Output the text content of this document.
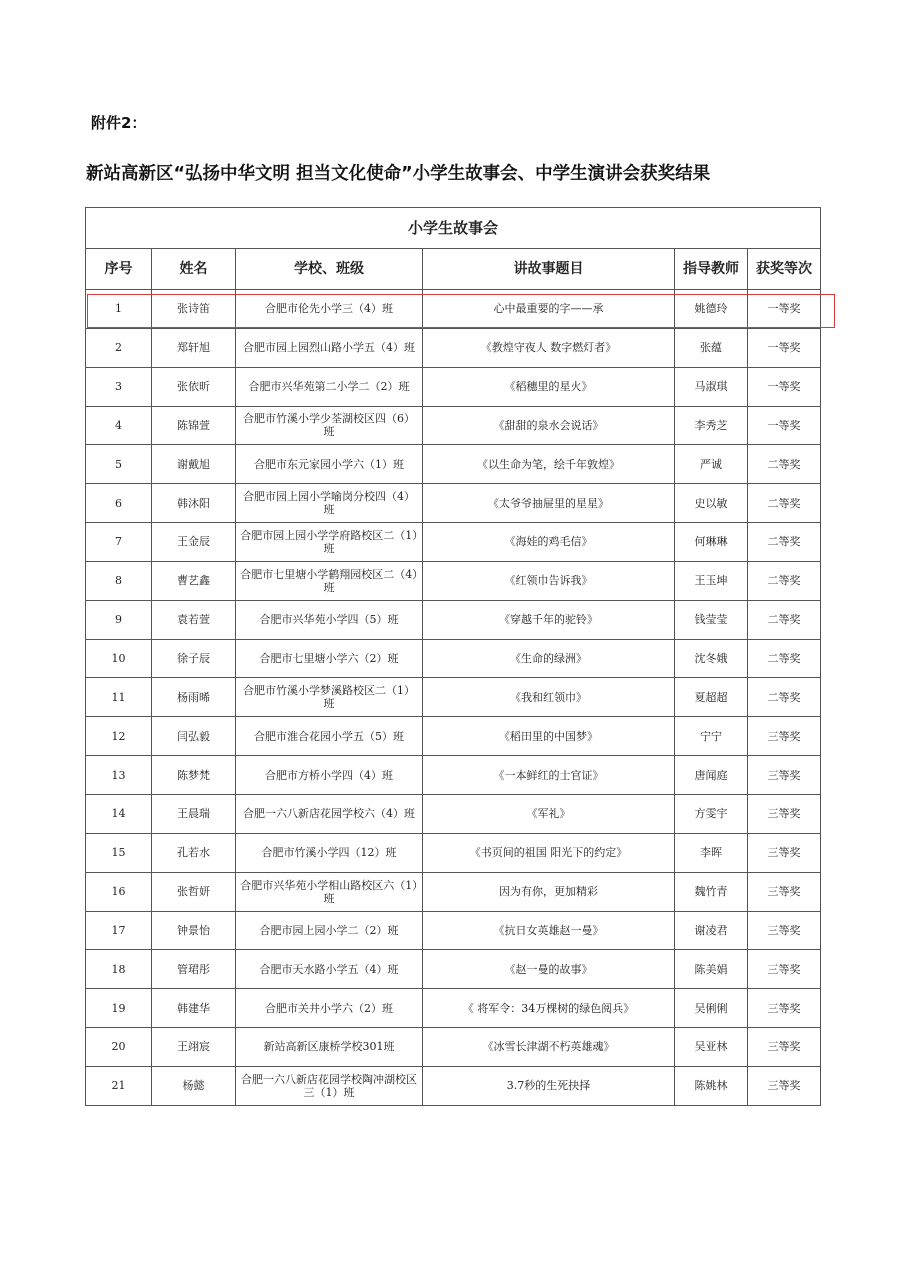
附件2：
新站高新区“弘扬中华文明 担当文化使命”小学生故事会、中学生演讲会获奖结果
小学生故事会					
序号	姓名	学校、班级	讲故事题目	指导教师	获奖等次
1	张诗笛	合肥市伦先小学三（4）班	心中最重要的字——承	姚德玲	一等奖
2	郑轩旭	合肥市园上园烈山路小学五（4）班	《教煌守夜人 数字燃灯者》	张蕴	一等奖
3	张依昕	合肥市兴华苑第二小学二（2）班	《稻穗里的星火》	马淑琪	一等奖
4	陈锦萱	合肥市竹溪小学少荃湖校区四（6）班	《甜甜的泉水会说话》	李秀芝	一等奖
5	谢戴旭	合肥市东元家园小学六（1）班	《以生命为笔，绘千年敦煌》	严诚	二等奖
6	韩沐阳	合肥市园上园小学喻岗分校四（4）班	《太爷爷抽屉里的星星》	史以敏	二等奖
7	王金辰	合肥市园上园小学学府路校区二（1）班	《海娃的鸡毛信》	何琳琳	二等奖
8	曹艺鑫	合肥市七里塘小学鹤翔园校区二（4）班	《红领巾告诉我》	王玉坤	二等奖
9	袁若萱	合肥市兴华苑小学四（5）班	《穿越千年的驼铃》	钱莹莹	二等奖
10	徐子辰	合肥市七里塘小学六（2）班	《生命的绿洲》	沈冬娥	二等奖
11	杨雨晞	合肥市竹溪小学梦溪路校区二（1）班	《我和红领巾》	夏超超	二等奖
12	闫弘毅	合肥市淮合花园小学五（5）班	《稻田里的中国梦》	宁宁	三等奖
13	陈梦梵	合肥市方桥小学四（4）班	《一本鲜红的士官证》	唐闻庭	三等奖
14	王晨瑞	合肥一六八新店花园学校六（4）班	《军礼》	方雯宇	三等奖
15	孔若水	合肥市竹溪小学四（12）班	《书页间的祖国 阳光下的约定》	李晖	三等奖
16	张哲妍	合肥市兴华苑小学相山路校区六（1）班	因为有你，更加精彩	魏竹青	三等奖
17	钟景怡	合肥市园上园小学二（2）班	《抗日女英雄赵一曼》	谢凌君	三等奖
18	管珺彤	合肥市天水路小学五（4）班	《赵一曼的故事》	陈美娟	三等奖
19	韩建华	合肥市关井小学六（2）班	《 将军令：34万棵树的绿色阅兵》	吴俐俐	三等奖
20	王翊宸	新站高新区康桥学校301班	《冰雪长津湖不朽英雄魂》	吴亚林	三等奖
21	杨懿	合肥一六八新店花园学校陶冲湖校区三（1）班	3.7秒的生死抉择	陈姚林	三等奖
